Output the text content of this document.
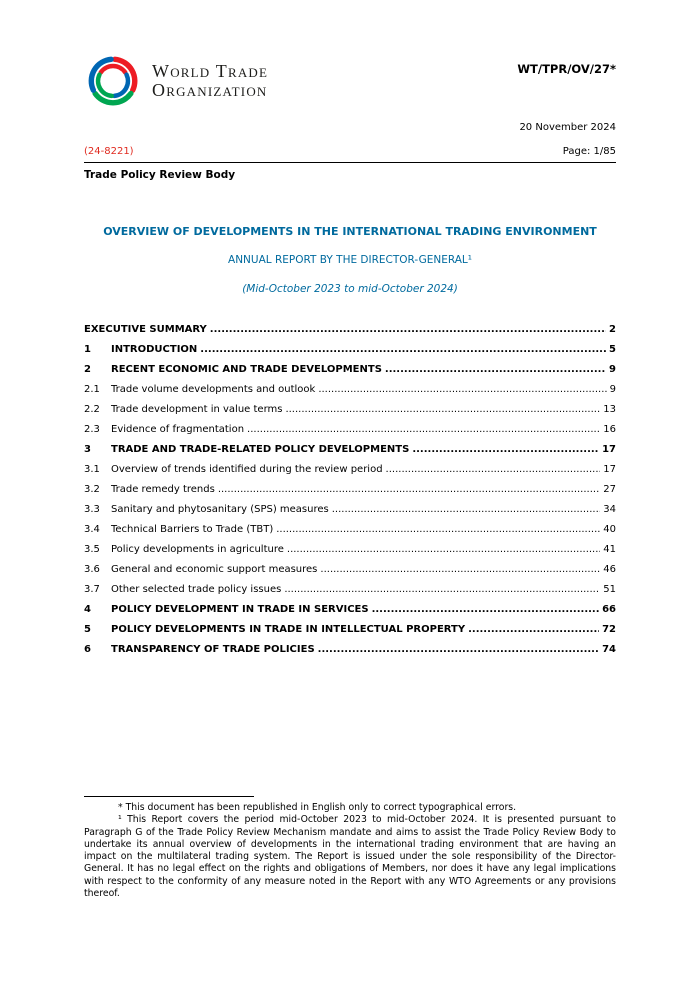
World Trade
Organization
WT/TPR/OV/27*
20 November 2024
(24-8221)	Page: 1/85
Trade Policy Review Body
OVERVIEW OF DEVELOPMENTS IN THE INTERNATIONAL TRADING ENVIRONMENT
ANNUAL REPORT BY THE DIRECTOR-GENERAL¹
(Mid-October 2023 to mid-October 2024)
EXECUTIVE SUMMARY .....	2
1	INTRODUCTION .....	5
2	RECENT ECONOMIC AND TRADE DEVELOPMENTS .....	9
2.1	Trade volume developments and outlook .....	9
2.2	Trade development in value terms .....	13
2.3	Evidence of fragmentation .....	16
3	TRADE AND TRADE-RELATED POLICY DEVELOPMENTS .....	17
3.1	Overview of trends identified during the review period .....	17
3.2	Trade remedy trends .....	27
3.3	Sanitary and phytosanitary (SPS) measures .....	34
3.4	Technical Barriers to Trade (TBT) .....	40
3.5	Policy developments in agriculture .....	41
3.6	General and economic support measures .....	46
3.7	Other selected trade policy issues .....	51
4	POLICY DEVELOPMENT IN TRADE IN SERVICES .....	66
5	POLICY DEVELOPMENTS IN TRADE IN INTELLECTUAL PROPERTY .....	72
6	TRANSPARENCY OF TRADE POLICIES .....	74

* This document has been republished in English only to correct typographical errors.

¹ This Report covers the period mid-October 2023 to mid-October 2024. It is presented pursuant to Paragraph G of the Trade Policy Review Mechanism mandate and aims to assist the Trade Policy Review Body to undertake its annual overview of developments in the international trading environment that are having an impact on the multilateral trading system. The Report is issued under the sole responsibility of the Director-General. It has no legal effect on the rights and obligations of Members, nor does it have any legal implications with respect to the conformity of any measure noted in the Report with any WTO Agreements or any provisions thereof.
